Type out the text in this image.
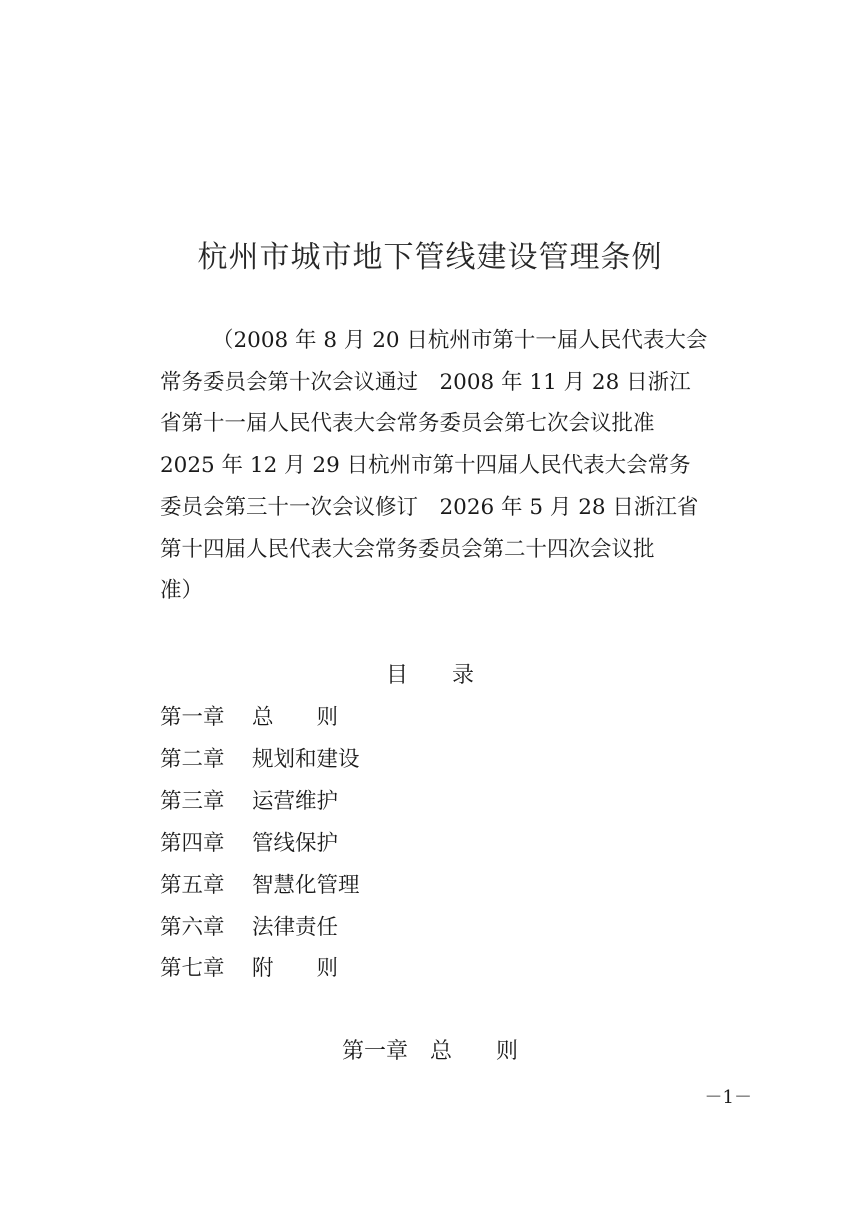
杭州市城市地下管线建设管理条例
（2008 年 8 月 20 日杭州市第十一届人民代表大会
常务委员会第十次会议通过　2008 年 11 月 28 日浙江
省第十一届人民代表大会常务委员会第七次会议批准
2025 年 12 月 29 日杭州市第十四届人民代表大会常务
委员会第三十一次会议修订　2026 年 5 月 28 日浙江省
第十四届人民代表大会常务委员会第二十四次会议批
准）
目 录
第一章	总　　则
第二章	规划和建设
第三章	运营维护
第四章	管线保护
第五章	智慧化管理
第六章	法律责任
第七章	附　　则
第一章 总　　则
－1－
